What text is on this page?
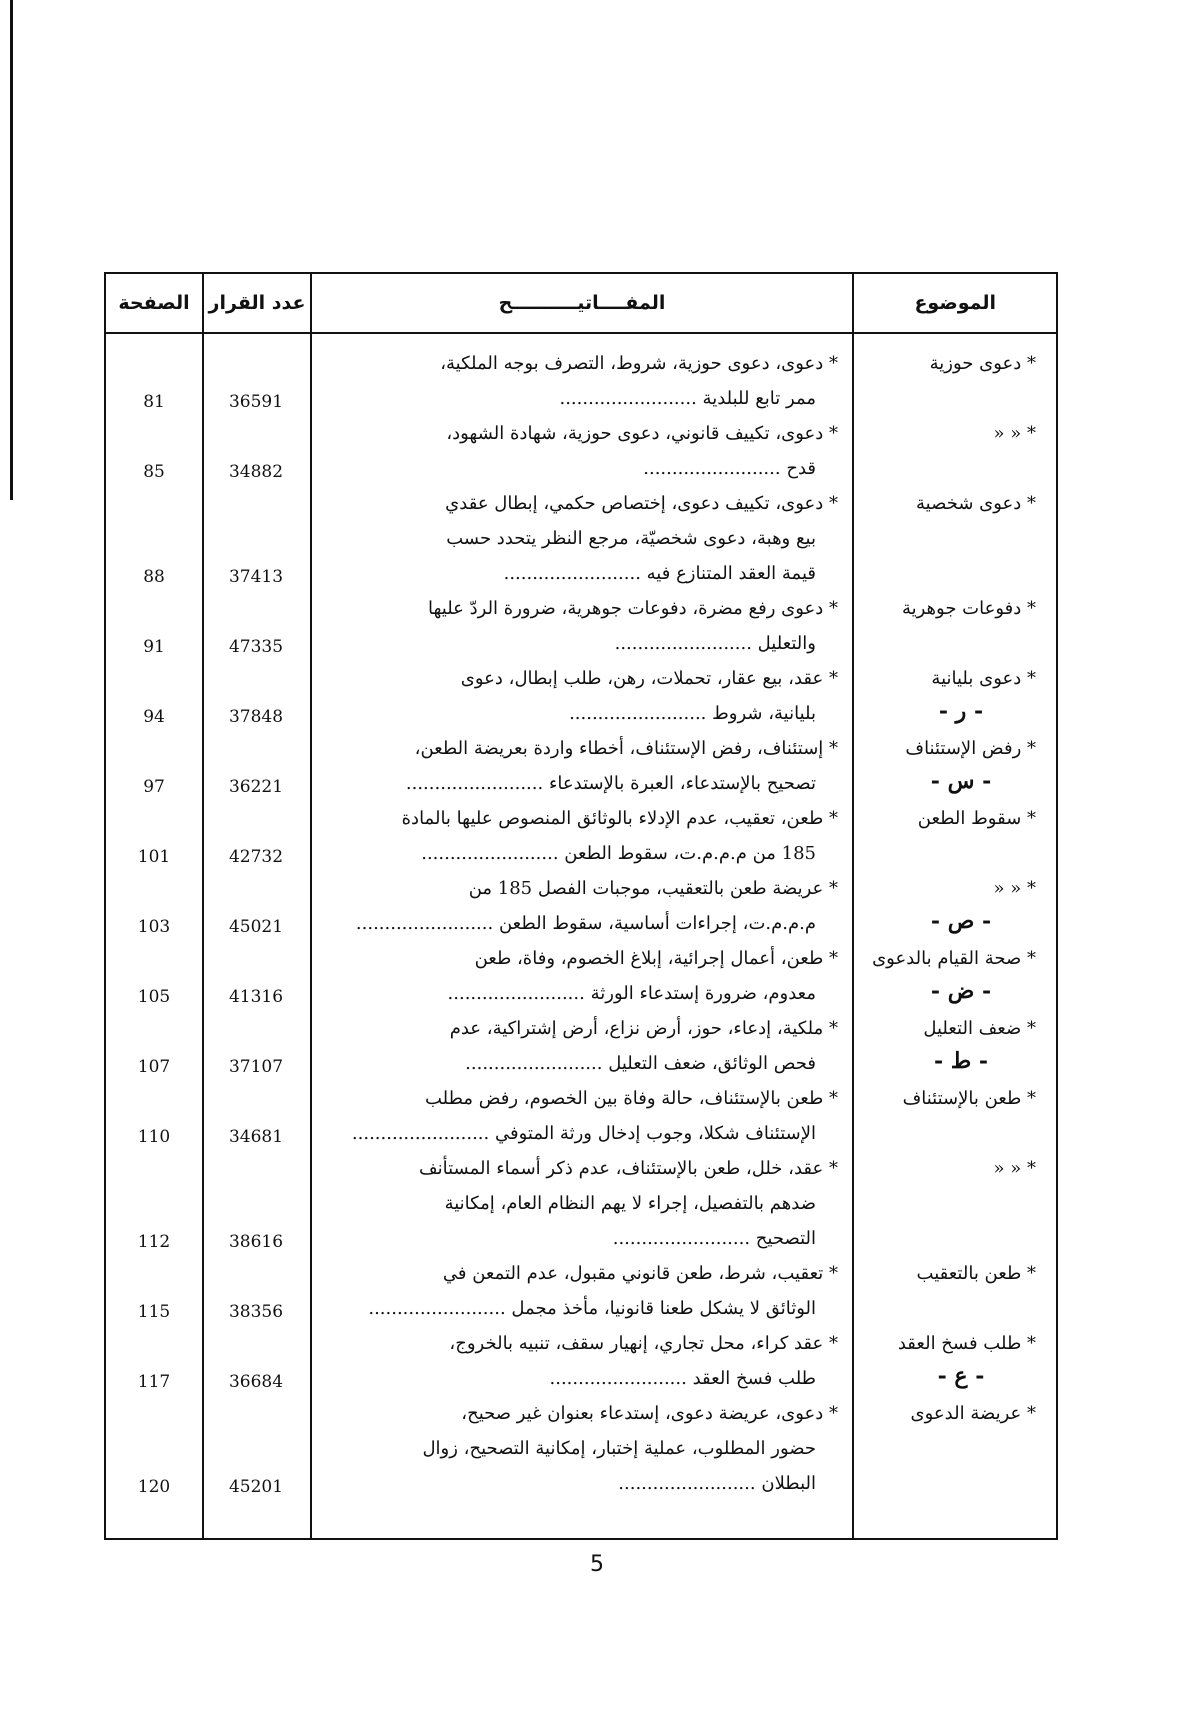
الموضوع
المفــــاتيــــــــــح
عدد القرار
الصفحة
* دعوى حوزية
* دعوى، دعوى حوزية، شروط، التصرف بوجه الملكية،
ممر تابع للبلدية ........................
36591
81
* « «
* دعوى، تكييف قانوني، دعوى حوزية، شهادة الشهود،
قدح ........................
34882
85
* دعوى شخصية
* دعوى، تكييف دعوى، إختصاص حكمي، إبطال عقدي
بيع وهبة، دعوى شخصيّة، مرجع النظر يتحدد حسب
قيمة العقد المتنازع فيه ........................
37413
88
* دفوعات جوهرية
* دعوى رفع مضرة، دفوعات جوهرية، ضرورة الردّ عليها
والتعليل ........................
47335
91
* دعوى بليانية
- ر -
* عقد، بيع عقار، تحملات، رهن، طلب إبطال، دعوى
بليانية، شروط ........................
37848
94
* رفض الإستئناف
- س -
* إستئناف، رفض الإستئناف، أخطاء واردة بعريضة الطعن،
تصحيح بالإستدعاء، العبرة بالإستدعاء ........................
36221
97
* سقوط الطعن
* طعن، تعقيب، عدم الإدلاء بالوثائق المنصوص عليها بالمادة
185 من م.م.م.ت، سقوط الطعن ........................
42732
101
* « «
- ص -
* عريضة طعن بالتعقيب، موجبات الفصل 185 من
م.م.م.ت، إجراءات أساسية، سقوط الطعن ........................
45021
103
* صحة القيام بالدعوى
- ض -
* طعن، أعمال إجرائية، إبلاغ الخصوم، وفاة، طعن
معدوم، ضرورة إستدعاء الورثة ........................
41316
105
* ضعف التعليل
- ط -
* ملكية، إدعاء، حوز، أرض نزاع، أرض إشتراكية، عدم
فحص الوثائق، ضعف التعليل ........................
37107
107
* طعن بالإستئناف
* طعن بالإستئناف، حالة وفاة بين الخصوم، رفض مطلب
الإستئناف شكلا، وجوب إدخال ورثة المتوفي ........................
34681
110
* « «
* عقد، خلل، طعن بالإستئناف، عدم ذكر أسماء المستأنف
ضدهم بالتفصيل، إجراء لا يهم النظام العام، إمكانية
التصحيح ........................
38616
112
* طعن بالتعقيب
* تعقيب، شرط، طعن قانوني مقبول، عدم التمعن في
الوثائق لا يشكل طعنا قانونيا، مأخذ مجمل ........................
38356
115
* طلب فسخ العقد
- ع -
* عقد كراء، محل تجاري، إنهيار سقف، تنبيه بالخروج،
طلب فسخ العقد ........................
36684
117
* عريضة الدعوى
* دعوى، عريضة دعوى، إستدعاء بعنوان غير صحيح،
حضور المطلوب، عملية إختبار، إمكانية التصحيح، زوال
البطلان ........................
45201
120
5
